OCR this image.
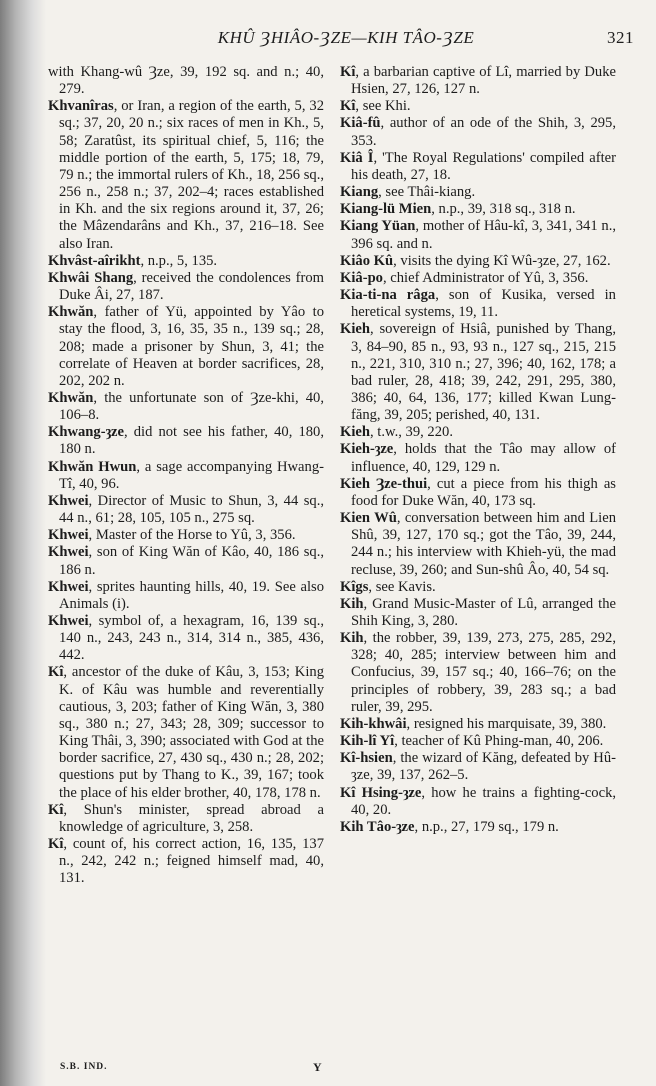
KHÛ ȜHIÂO-ȜZE—KIH TÂO-ȜZE	321
with Khang-wû Ȝze, 39, 192 sq. and n.; 40, 279.
Khvanîras, or Iran, a region of the earth, 5, 32 sq.; 37, 20, 20 n.; six races of men in Kh., 5, 58; Zaratûst, its spiritual chief, 5, 116; the middle portion of the earth, 5, 175; 18, 79, 79 n.; the immortal rulers of Kh., 18, 256 sq., 256 n., 258 n.; 37, 202–4; races established in Kh. and the six regions around it, 37, 26; the Mâzendarâns and Kh., 37, 216–18. See also Iran.
Khvâst-aîrikht, n.p., 5, 135.
Khwâi Shang, received the condolences from Duke Âi, 27, 187.
Khwăn, father of Yü, appointed by Yâo to stay the flood, 3, 16, 35, 35 n., 139 sq.; 28, 208; made a prisoner by Shun, 3, 41; the correlate of Heaven at border sacrifices, 28, 202, 202 n.
Khwăn, the unfortunate son of Ȝze-khi, 40, 106–8.
Khwang-ȝze, did not see his father, 40, 180, 180 n.
Khwăn Hwun, a sage accompanying Hwang-Tî, 40, 96.
Khwei, Director of Music to Shun, 3, 44 sq., 44 n., 61; 28, 105, 105 n., 275 sq.
Khwei, Master of the Horse to Yû, 3, 356.
Khwei, son of King Wăn of Kâo, 40, 186 sq., 186 n.
Khwei, sprites haunting hills, 40, 19. See also Animals (i).
Khwei, symbol of, a hexagram, 16, 139 sq., 140 n., 243, 243 n., 314, 314 n., 385, 436, 442.
Kî, ancestor of the duke of Kâu, 3, 153; King K. of Kâu was humble and reverentially cautious, 3, 203; father of King Wăn, 3, 380 sq., 380 n.; 27, 343; 28, 309; successor to King Thâi, 3, 390; associated with God at the border sacrifice, 27, 430 sq., 430 n.; 28, 202; questions put by Thang to K., 39, 167; took the place of his elder brother, 40, 178, 178 n.
Kî, Shun's minister, spread abroad a knowledge of agriculture, 3, 258.
Kî, count of, his correct action, 16, 135, 137 n., 242, 242 n.; feigned himself mad, 40, 131.
Kî, a barbarian captive of Lî, married by Duke Hsien, 27, 126, 127 n.
Kî, see Khi.
Kiâ-fû, author of an ode of the Shih, 3, 295, 353.
Kiâ Î, 'The Royal Regulations' compiled after his death, 27, 18.
Kiang, see Thâi-kiang.
Kiang-lü Mien, n.p., 39, 318 sq., 318 n.
Kiang Yüan, mother of Hâu-kî, 3, 341, 341 n., 396 sq. and n.
Kiâo Kû, visits the dying Kî Wû-ȝze, 27, 162.
Kiâ-po, chief Administrator of Yû, 3, 356.
Kia-ti-na râga, son of Kusika, versed in heretical systems, 19, 11.
Kieh, sovereign of Hsiâ, punished by Thang, 3, 84–90, 85 n., 93, 93 n., 127 sq., 215, 215 n., 221, 310, 310 n.; 27, 396; 40, 162, 178; a bad ruler, 28, 418; 39, 242, 291, 295, 380, 386; 40, 64, 136, 177; killed Kwan Lung-făng, 39, 205; perished, 40, 131.
Kieh, t.w., 39, 220.
Kieh-ȝze, holds that the Tâo may allow of influence, 40, 129, 129 n.
Kieh Ȝze-thui, cut a piece from his thigh as food for Duke Wăn, 40, 173 sq.
Kien Wû, conversation between him and Lien Shû, 39, 127, 170 sq.; got the Tâo, 39, 244, 244 n.; his interview with Khieh-yü, the mad recluse, 39, 260; and Sun-shû Âo, 40, 54 sq.
Kîgs, see Kavis.
Kih, Grand Music-Master of Lû, arranged the Shih King, 3, 280.
Kih, the robber, 39, 139, 273, 275, 285, 292, 328; 40, 285; interview between him and Confucius, 39, 157 sq.; 40, 166–76; on the principles of robbery, 39, 283 sq.; a bad ruler, 39, 295.
Kih-khwâi, resigned his marquisate, 39, 380.
Kih-lî Yî, teacher of Kû Phing-man, 40, 206.
Kî-hsien, the wizard of Kăng, defeated by Hû-ȝze, 39, 137, 262–5.
Kî Hsing-ȝze, how he trains a fighting-cock, 40, 20.
Kih Tâo-ȝze, n.p., 27, 179 sq., 179 n.
S.B. IND.	Y
